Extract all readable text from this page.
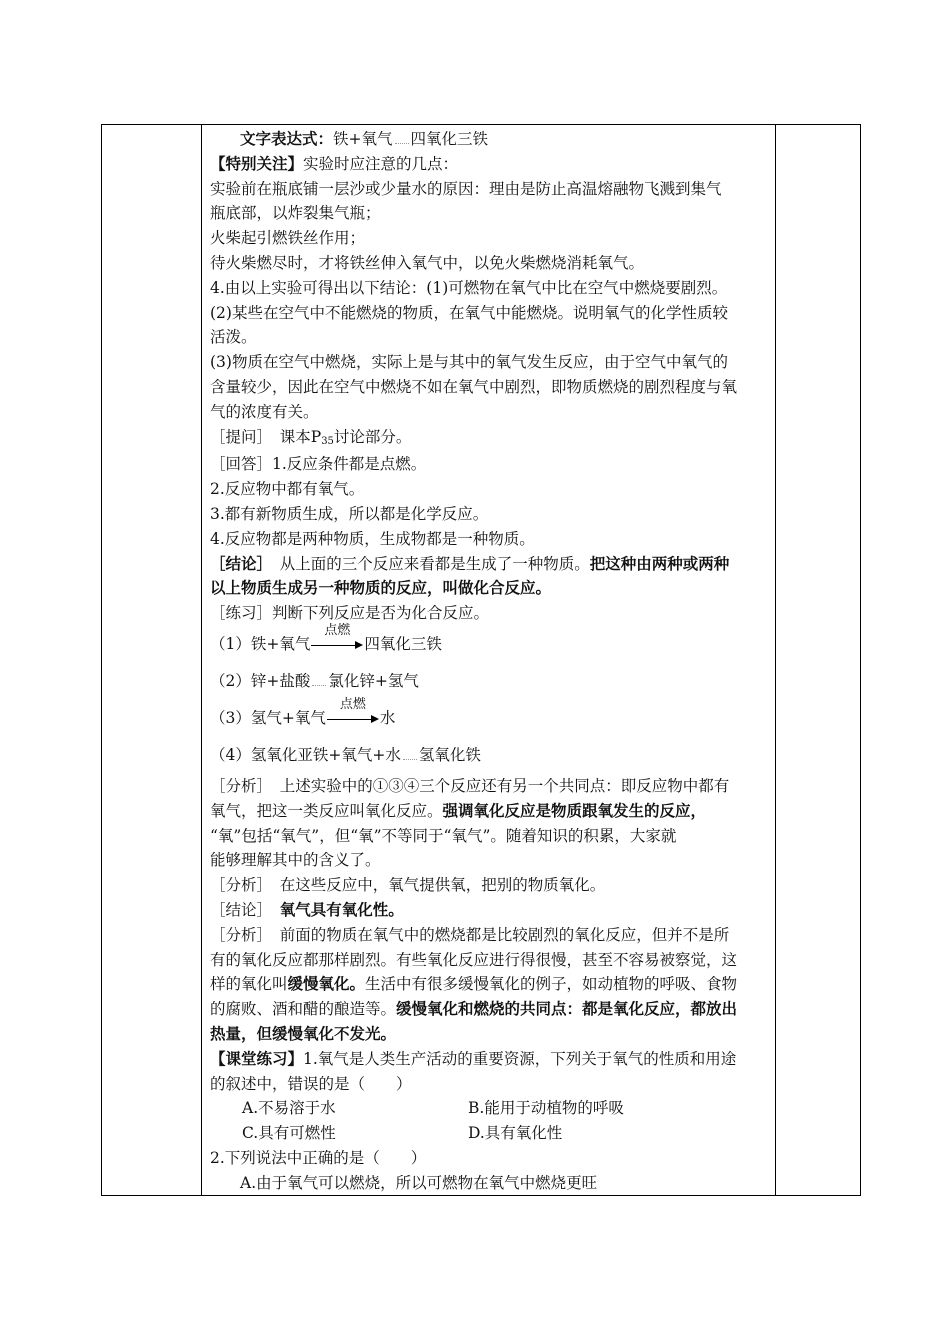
文字表达式：铁+氧气 四氧化三铁

【特别关注】实验时应注意的几点：

实验前在瓶底铺一层沙或少量水的原因：理由是防止高温熔融物飞溅到集气

瓶底部，以炸裂集气瓶；

火柴起引燃铁丝作用；

待火柴燃尽时，才将铁丝伸入氧气中，以免火柴燃烧消耗氧气。

4.由以上实验可得出以下结论：(1)可燃物在氧气中比在空气中燃烧要剧烈。

(2)某些在空气中不能燃烧的物质，在氧气中能燃烧。说明氧气的化学性质较

活泼。

(3)物质在空气中燃烧，实际上是与其中的氧气发生反应，由于空气中氧气的

含量较少，因此在空气中燃烧不如在氧气中剧烈，即物质燃烧的剧烈程度与氧

气的浓度有关。

［提问］　课本P35讨论部分。

［回答］1.反应条件都是点燃。

2.反应物中都有氧气。

3.都有新物质生成，所以都是化学反应。

4.反应物都是两种物质，生成物都是一种物质。

［结论］　从上面的三个反应来看都是生成了一种物质。把这种由两种或两种

以上物质生成另一种物质的反应，叫做化合反应。

［练习］判断下列反应是否为化合反应。

（1）铁+氧气
点燃
四氧化三铁

（2）锌+盐酸 氯化锌+氢气

（3）氢气+氧气
点燃
水

（4）氢氧化亚铁+氧气+水 氢氧化铁

［分析］　上述实验中的①③④三个反应还有另一个共同点：即反应物中都有

氧气，把这一类反应叫氧化反应。强调氧化反应是物质跟氧发生的反应，

“氧”包括“氧气”，但“氧”不等同于“氧气”。随着知识的积累，大家就

能够理解其中的含义了。

［分析］　在这些反应中，氧气提供氧，把别的物质氧化。

［结论］　氧气具有氧化性。

［分析］　前面的物质在氧气中的燃烧都是比较剧烈的氧化反应，但并不是所

有的氧化反应都那样剧烈。有些氧化反应进行得很慢，甚至不容易被察觉，这

样的氧化叫缓慢氧化。生活中有很多缓慢氧化的例子，如动植物的呼吸、食物

的腐败、酒和醋的酿造等。缓慢氧化和燃烧的共同点：都是氧化反应，都放出

热量，但缓慢氧化不发光。

【课堂练习】1.氧气是人类生产活动的重要资源，下列关于氧气的性质和用途

的叙述中，错误的是（　　）

A.不易溶于水	B.能用于动植物的呼吸

C.具有可燃性	D.具有氧化性

2.下列说法中正确的是（　　）

A.由于氧气可以燃烧，所以可燃物在氧气中燃烧更旺
